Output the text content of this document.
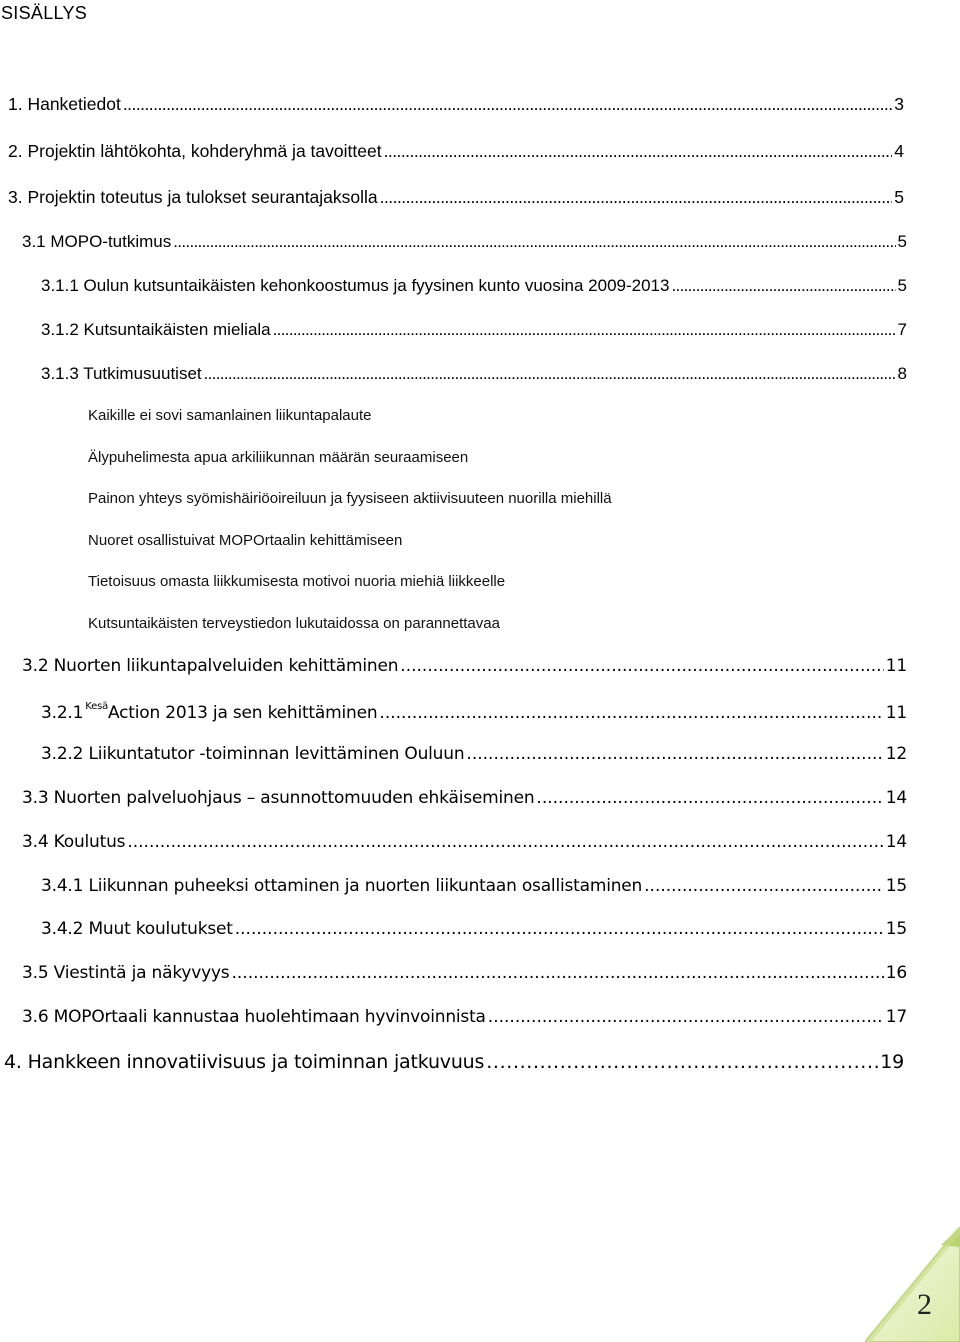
SISÄLLYS
1. Hanketiedot . . .	3
2. Projektin lähtökohta, kohderyhmä ja tavoitteet . . .	4
3. Projektin toteutus ja tulokset seurantajaksolla . . .	5
3.1 MOPO-tutkimus . . .	5
3.1.1 Oulun kutsuntaikäisten kehonkoostumus ja fyysinen kunto vuosina 2009-2013 . . .	5
3.1.2 Kutsuntaikäisten mieliala . . .	7
3.1.3 Tutkimusuutiset . . .	8
Kaikille ei sovi samanlainen liikuntapalaute
Älypuhelimesta apua arkiliikunnan määrän seuraamiseen
Painon yhteys syömishäiriöoireiluun ja fyysiseen aktiivisuuteen nuorilla miehillä
Nuoret osallistuivat MOPOrtaalin kehittämiseen
Tietoisuus omasta liikkumisesta motivoi nuoria miehiä liikkeelle
Kutsuntaikäisten terveystiedon lukutaidossa on parannettavaa
3.2 Nuorten liikuntapalveluiden kehittäminen . . .	11
3.2.1 $^{Kesä}$Action 2013 ja sen kehittäminen . . .	11
3.2.2 Liikuntatutor -toiminnan levittäminen Ouluun . . .	12
3.3 Nuorten palveluohjaus – asunnottomuuden ehkäiseminen . . .	14
3.4 Koulutus . . .	14
3.4.1 Liikunnan puheeksi ottaminen ja nuorten liikuntaan osallistaminen . . .	15
3.4.2 Muut koulutukset . . .	15
3.5 Viestintä ja näkyvyys . . .	16
3.6 MOPOrtaali kannustaa huolehtimaan hyvinvoinnista . . .	17
4. Hankkeen innovatiivisuus ja toiminnan jatkuvuus . . .	19
2
